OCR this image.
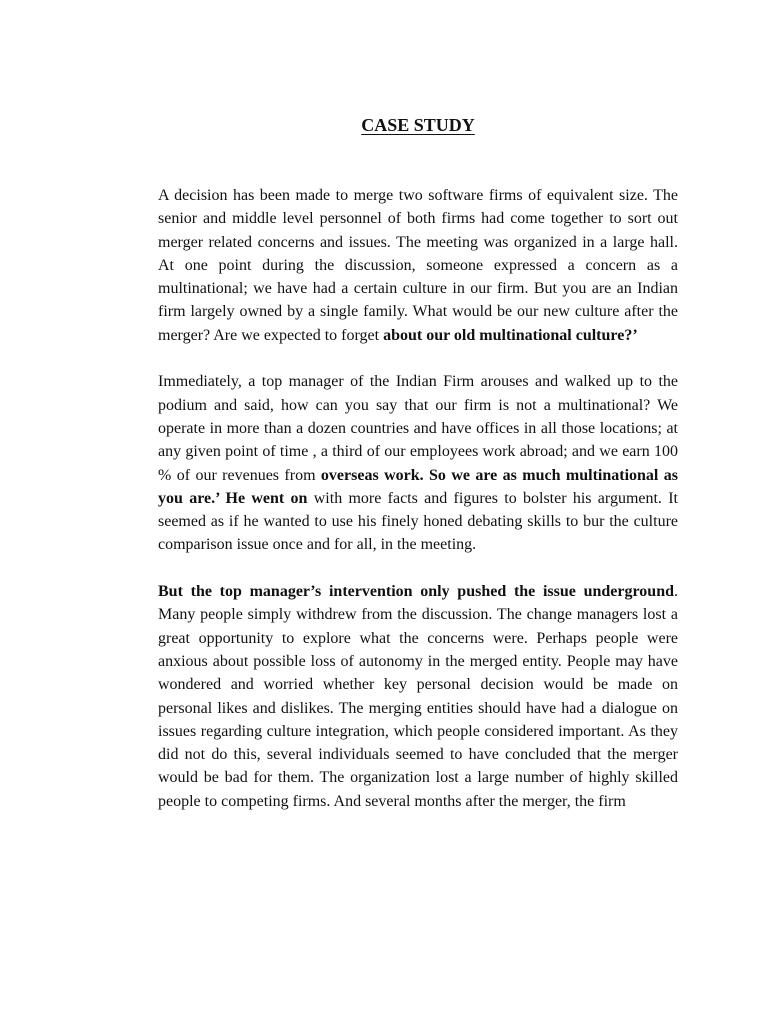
CASE STUDY

A decision has been made to merge two software firms of equivalent size. The senior and middle level personnel of both firms had come together to sort out merger related concerns and issues. The meeting was organized in a large hall. At one point during the discussion, someone expressed a concern as a multinational; we have had a certain culture in our firm. But you are an Indian firm largely owned by a single family. What would be our new culture after the merger? Are we expected to forget about our old multinational culture?’

Immediately, a top manager of the Indian Firm arouses and walked up to the podium and said, how can you say that our firm is not a multinational? We operate in more than a dozen countries and have offices in all those locations; at any given point of time , a third of our employees work abroad; and we earn 100 % of our revenues from overseas work. So we are as much multinational as you are.’ He went on with more facts and figures to bolster his argument. It seemed as if he wanted to use his finely honed debating skills to bur the culture comparison issue once and for all, in the meeting.

But the top manager’s intervention only pushed the issue underground. Many people simply withdrew from the discussion. The change managers lost a great opportunity to explore what the concerns were. Perhaps people were anxious about possible loss of autonomy in the merged entity. People may have wondered and worried whether key personal decision would be made on personal likes and dislikes. The merging entities should have had a dialogue on issues regarding culture integration, which people considered important. As they did not do this, several individuals seemed to have concluded that the merger would be bad for them. The organization lost a large number of highly skilled people to competing firms. And several months after the merger, the firm
